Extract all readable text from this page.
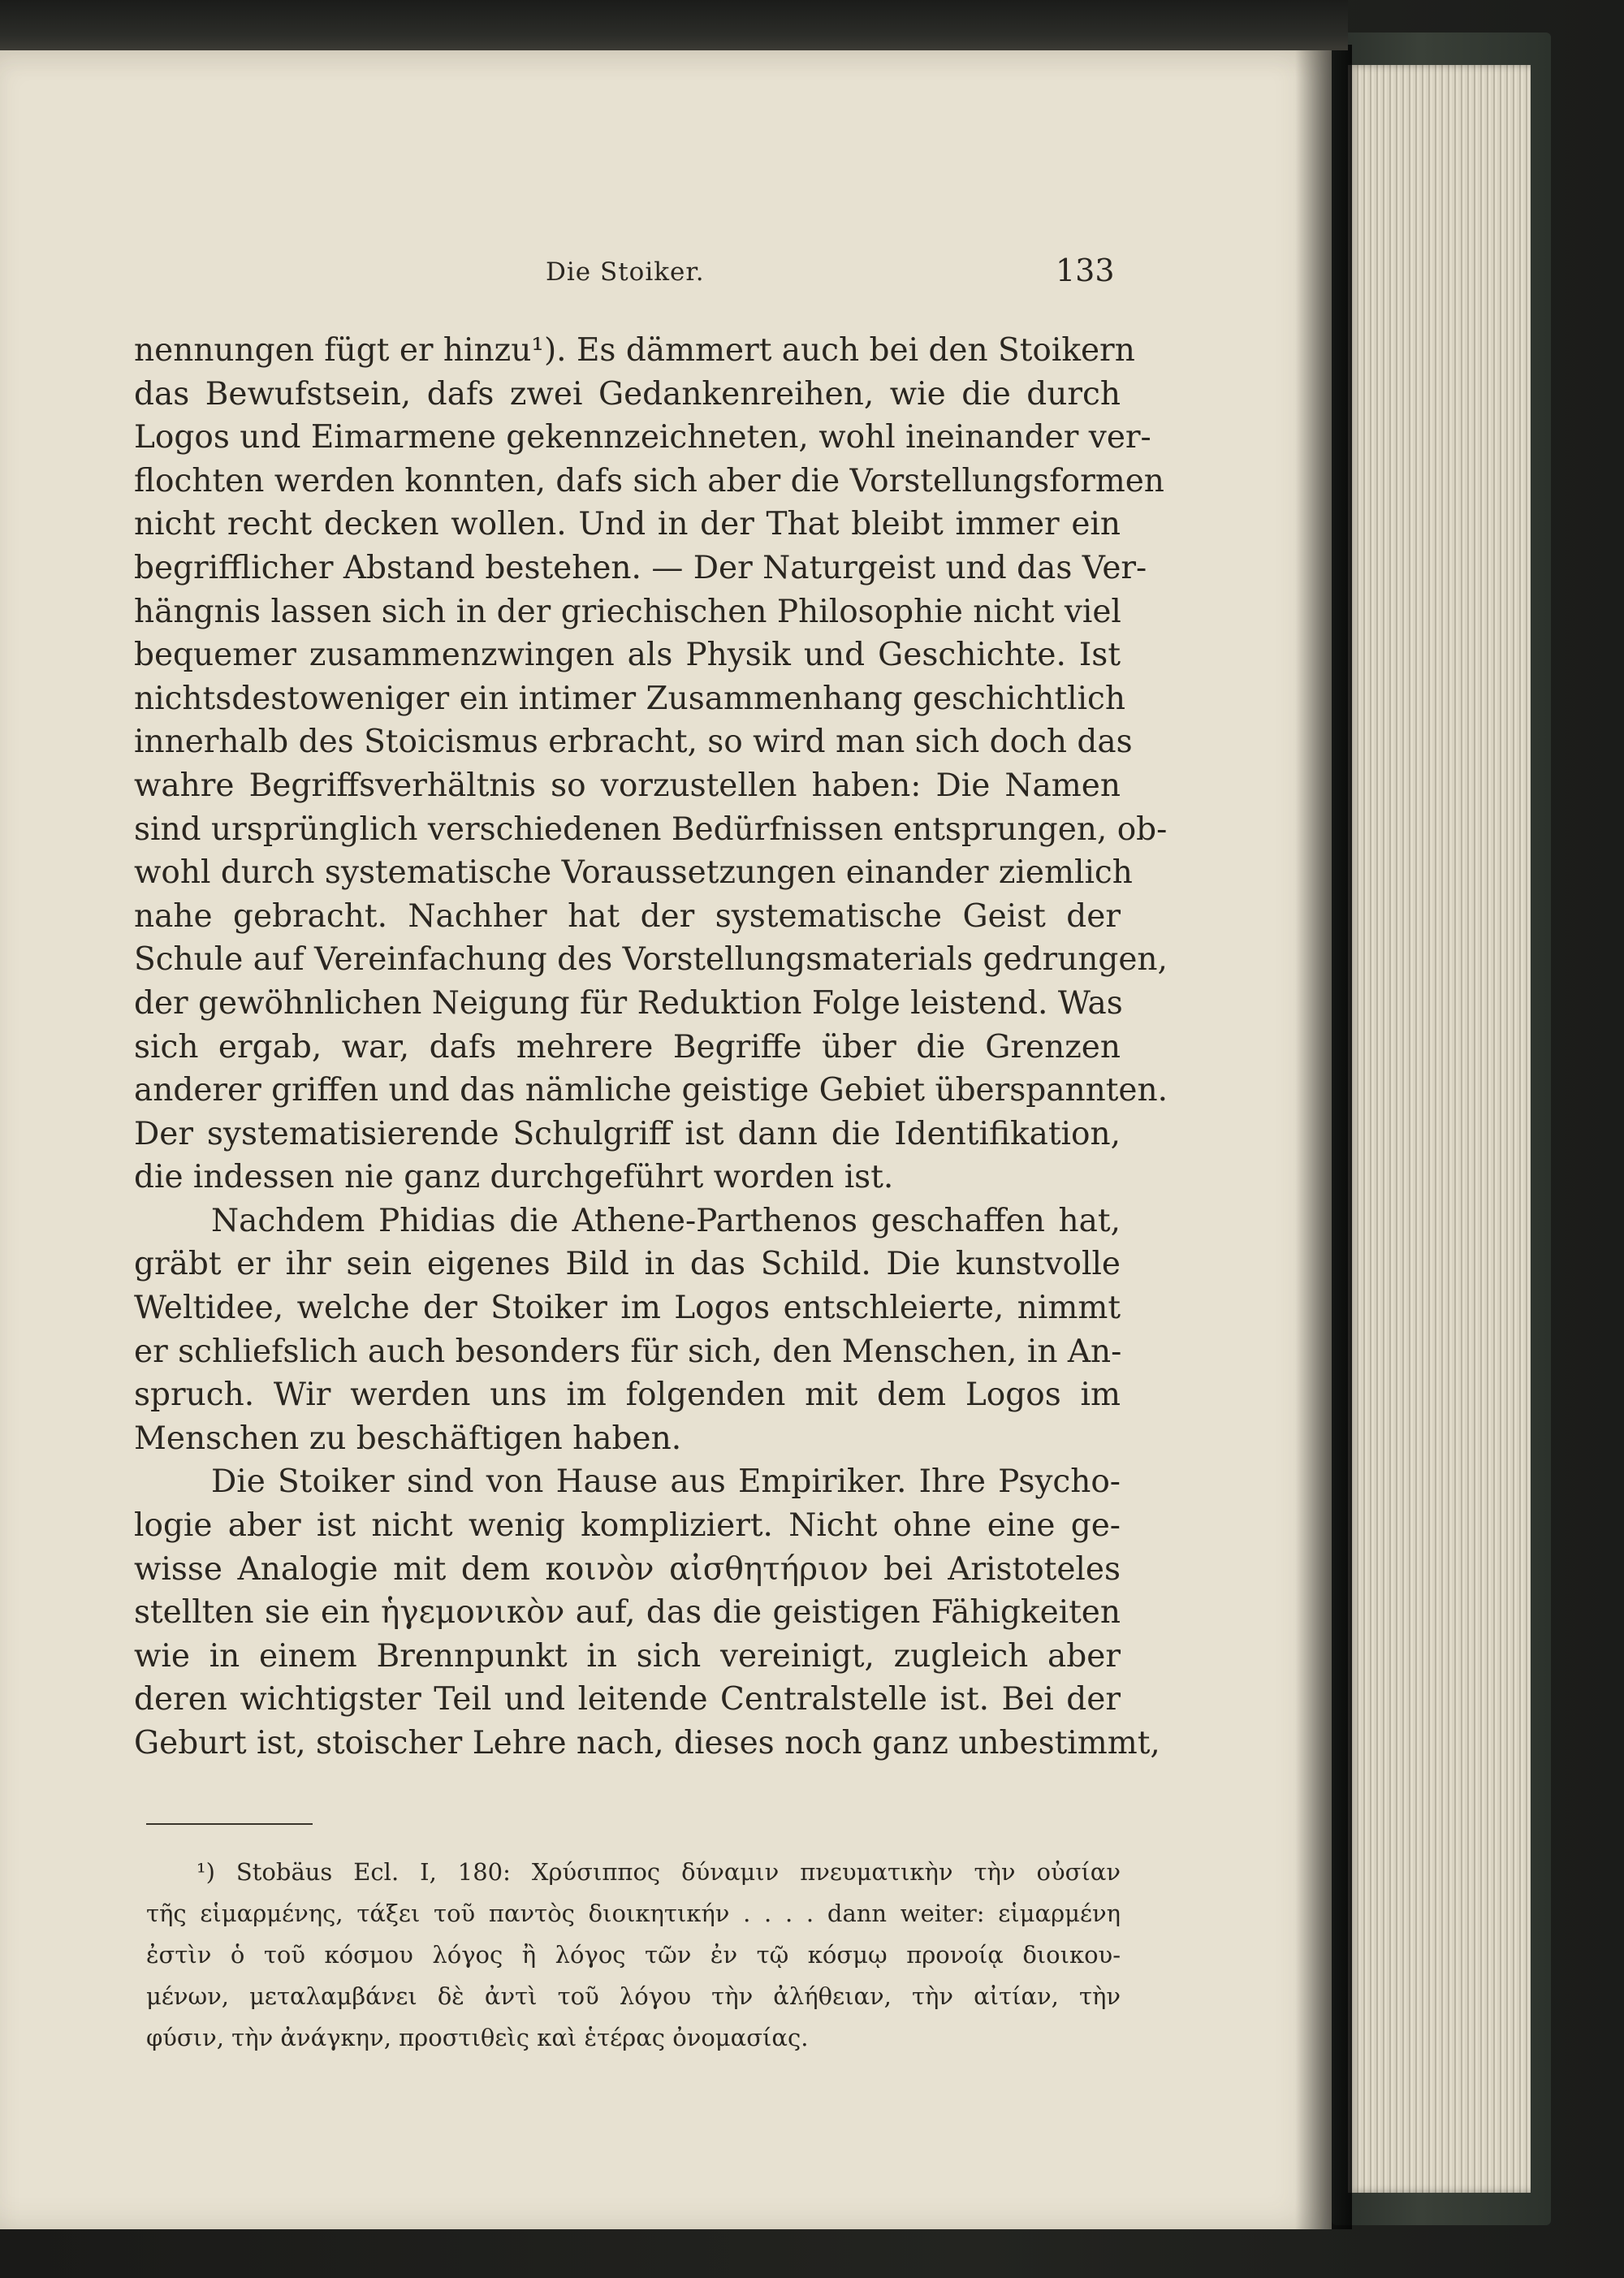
Die Stoiker.	133
nennungen fügt er hinzu¹). Es dämmert auch bei den Stoikern
das Bewufstsein, dafs zwei Gedankenreihen, wie die durch
Logos und Eimarmene gekennzeichneten, wohl ineinander ver-
flochten werden konnten, dafs sich aber die Vorstellungsformen
nicht recht decken wollen. Und in der That bleibt immer ein
begrifflicher Abstand bestehen. — Der Naturgeist und das Ver-
hängnis lassen sich in der griechischen Philosophie nicht viel
bequemer zusammenzwingen als Physik und Geschichte. Ist
nichtsdestoweniger ein intimer Zusammenhang geschichtlich
innerhalb des Stoicismus erbracht, so wird man sich doch das
wahre Begriffsverhältnis so vorzustellen haben: Die Namen
sind ursprünglich verschiedenen Bedürfnissen entsprungen, ob-
wohl durch systematische Voraussetzungen einander ziemlich
nahe gebracht. Nachher hat der systematische Geist der
Schule auf Vereinfachung des Vorstellungsmaterials gedrungen,
der gewöhnlichen Neigung für Reduktion Folge leistend. Was
sich ergab, war, dafs mehrere Begriffe über die Grenzen
anderer griffen und das nämliche geistige Gebiet überspannten.
Der systematisierende Schulgriff ist dann die Identifikation,
die indessen nie ganz durchgeführt worden ist.
Nachdem Phidias die Athene-Parthenos geschaffen hat,
gräbt er ihr sein eigenes Bild in das Schild. Die kunstvolle
Weltidee, welche der Stoiker im Logos entschleierte, nimmt
er schliefslich auch besonders für sich, den Menschen, in An-
spruch. Wir werden uns im folgenden mit dem Logos im
Menschen zu beschäftigen haben.
Die Stoiker sind von Hause aus Empiriker. Ihre Psycho-
logie aber ist nicht wenig kompliziert. Nicht ohne eine ge-
wisse Analogie mit dem κοινὸν αἰσθητήριον bei Aristoteles
stellten sie ein ἡγεμονικὸν auf, das die geistigen Fähigkeiten
wie in einem Brennpunkt in sich vereinigt, zugleich aber
deren wichtigster Teil und leitende Centralstelle ist. Bei der
Geburt ist, stoischer Lehre nach, dieses noch ganz unbestimmt,
¹) Stobäus Ecl. I, 180: Χρύσιππος δύναμιν πνευματικὴν τὴν οὐσίαν
τῆς εἱμαρμένης, τάξει τοῦ παντὸς διοικητικήν . . . . dann weiter: εἱμαρμένη
ἐστὶν ὁ τοῦ κόσμου λόγος ἢ λόγος τῶν ἐν τῷ κόσμῳ προνοίᾳ διοικου-
μένων, μεταλαμβάνει δὲ ἀντὶ τοῦ λόγου τὴν ἀλήθειαν, τὴν αἰτίαν, τὴν
φύσιν, τὴν ἀνάγκην, προστιθεὶς καὶ ἑτέρας ὀνομασίας.
